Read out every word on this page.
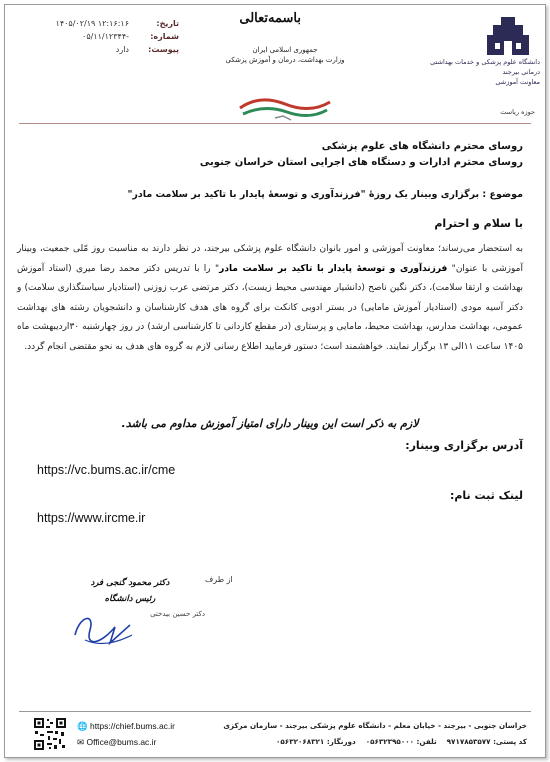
تاریخ:
۱۴۰۵/۰۲/۱۹ ۱۲:۱۶:۱۶
شماره:
۰۵/۱۱/۱۲۳۴۴-
پیوست:
دارد
باسمه‌تعالی
جمهوری اسلامی ایران
وزارت بهداشت، درمان و آموزش پزشکی	دانشگاه علوم پزشکی و خدمات بهداشتی درمانی بیرجند
معاونت آموزشی
حوزه ریاست
روسای محترم دانشگاه های علوم پزشکی
روسای محترم ادارات و دستگاه های اجرایی استان خراسان جنوبی
موضوع : برگزاری وبینار یک روزهٔ "فرزندآوری و توسعهٔ پایدار با تاکید بر سلامت مادر"
با سلام و احترام
به استحضار می‌رساند؛ معاونت آموزشی و امور بانوان دانشگاه علوم پزشکی بیرجند، در نظر دارند به مناسبت روز مّلی جمعیت، وبینار آموزشی با عنوان" فرزندآوری و توسعهٔ پایدار با تاکید بر سلامت مادر" را با تدریس دکتر محمد رضا میری (استاد آموزش بهداشت و ارتقا سلامت)، دکتر نگین ناصح (دانشیار مهندسی محیط زیست)، دکتر مرتضی عرب زوزنی (استادیار سیاستگذاری سلامت) و دکتر آسیه مودی (استادیار آموزش مامایی) در بستر ادوبی کانکت برای گروه های هدف کارشناسان و دانشجویان رشته های بهداشت عمومی، بهداشت مدارس، بهداشت محیط، مامایی و پرستاری (در مقطع کاردانی تا کارشناسی ارشد) در روز چهارشنبه ۳۰اردیبهشت ماه ۱۴۰۵ ساعت ۱۱الی ۱۳ برگزار نمایند. خواهشمند است؛ دستور فرمایید اطلاع رسانی لازم به گروه های هدف به نحو مقتضی انجام گردد.
لازم به ذکر است این وبینار دارای امتیاز آموزش مداوم می باشد.
آدرس برگزاری وبینار:
https://vc.bums.ac.ir/cme
لینک ثبت نام:
https://www.ircme.ir
از طرف
دکتر محمود گنجی فرد
رئیس دانشگاه
دکتر حسین بیدختی
🌐 https://chief.bums.ac.ir
✉ Office@bums.ac.ir
خراسان جنوبی - بیرجند - خیابان معلم - دانشگاه علوم پزشکی بیرجند - سازمان مرکزی
کد پستی: ۹۷۱۷۸۵۳۵۷۷    تلفن: ۰۵۶۳۲۳۹۵۰۰۰    دورنگار: ۰۵۶۳۲۰۶۸۳۲۱
